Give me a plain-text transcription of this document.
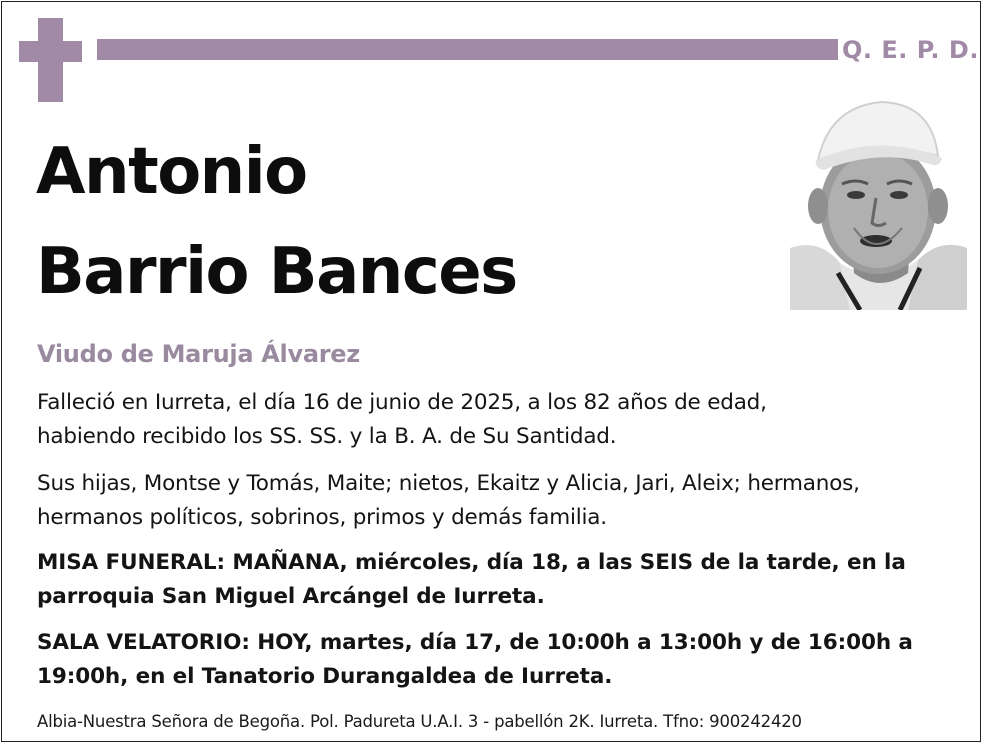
Q. E. P. D.
Antonio
Barrio Bances
Viudo de Maruja Álvarez
Falleció en Iurreta, el día 16 de junio de 2025, a los 82 años de edad,
habiendo recibido los SS. SS. y la B. A. de Su Santidad.
Sus hijas, Montse y Tomás, Maite; nietos, Ekaitz y Alicia, Jari, Aleix; hermanos,
hermanos políticos, sobrinos, primos y demás familia.
MISA FUNERAL: MAÑANA, miércoles, día 18, a las SEIS de la tarde, en la
parroquia San Miguel Arcángel de Iurreta.
SALA VELATORIO: HOY, martes, día 17, de 10:00h a 13:00h y de 16:00h a
19:00h, en el Tanatorio Durangaldea de Iurreta.
Albia-Nuestra Señora de Begoña. Pol. Padureta U.A.I. 3 - pabellón 2K. Iurreta. Tfno: 900242420
